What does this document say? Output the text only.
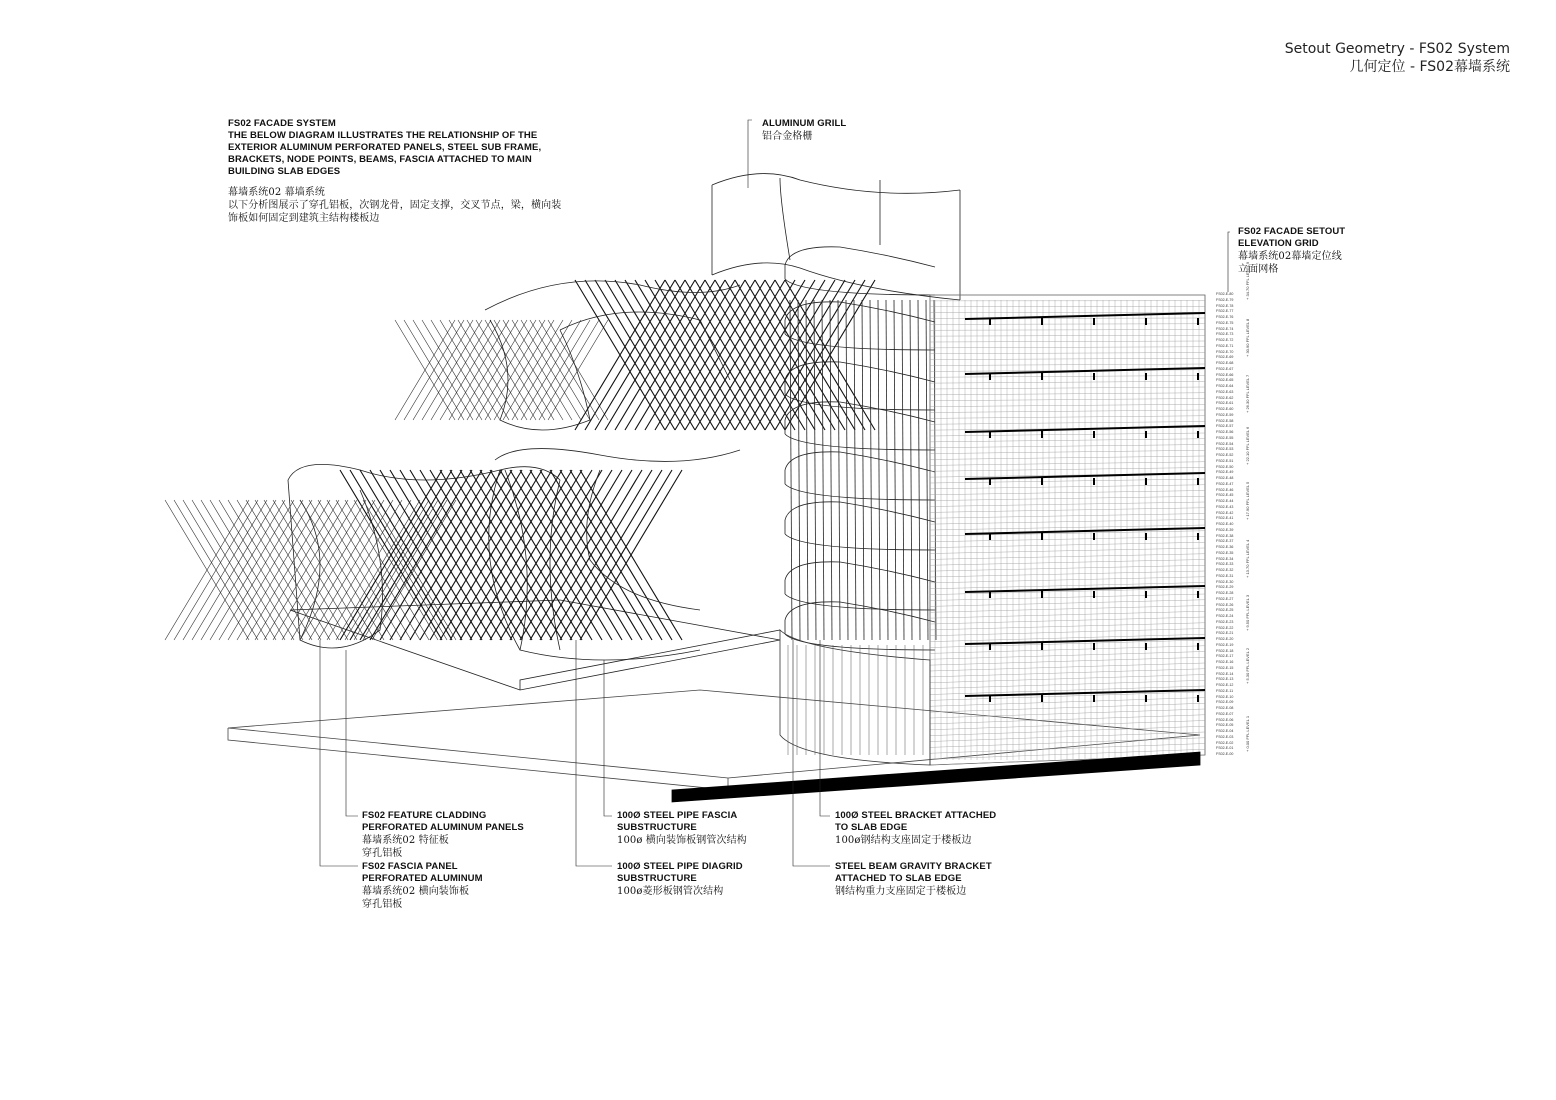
Setout Geometry - FS02 System
几何定位 - FS02幕墙系统
FS02 FACADE SYSTEM
THE BELOW DIAGRAM ILLUSTRATES THE RELATIONSHIP OF THE
EXTERIOR ALUMINUM PERFORATED PANELS, STEEL SUB FRAME,
BRACKETS, NODE POINTS, BEAMS, FASCIA ATTACHED TO MAIN
BUILDING SLAB EDGES
幕墙系统02 幕墙系统
以下分析图展示了穿孔铝板，次钢龙骨，固定支撑，交叉节点，梁，横向装
饰板如何固定到建筑主结构楼板边
ALUMINUM GRILL
铝合金格栅
FS02 FACADE SETOUT
ELEVATION GRID
幕墙系统02幕墙定位线
立面网格
FS02 FEATURE CLADDING
PERFORATED ALUMINUM PANELS
幕墙系统02 特征板
穿孔铝板
FS02 FASCIA PANEL
PERFORATED ALUMINUM
幕墙系统02 横向装饰板
穿孔铝板
100Ø STEEL PIPE FASCIA
SUBSTRUCTURE
100ø 横向装饰板钢管次结构
100Ø STEEL PIPE DIAGRID
SUBSTRUCTURE
100ø菱形板钢管次结构
100Ø STEEL BRACKET ATTACHED
TO SLAB EDGE
100ø钢结构支座固定于楼板边
STEEL BEAM GRAVITY BRACKET
ATTACHED TO SLAB EDGE
钢结构重力支座固定于楼板边
FS02-E-80
FS02-E-79
FS02-E-78
FS02-E-77
FS02-E-76
FS02-E-75
FS02-E-74
FS02-E-73
FS02-E-72
FS02-E-71
FS02-E-70
FS02-E-69
FS02-E-68
FS02-E-67
FS02-E-66
FS02-E-65
FS02-E-64
FS02-E-63
FS02-E-62
FS02-E-61
FS02-E-60
FS02-E-59
FS02-E-58
FS02-E-57
FS02-E-56
FS02-E-55
FS02-E-54
FS02-E-53
FS02-E-52
FS02-E-51
FS02-E-50
FS02-E-49
FS02-E-48
FS02-E-47
FS02-E-46
FS02-E-45
FS02-E-44
FS02-E-43
FS02-E-42
FS02-E-41
FS02-E-40
FS02-E-39
FS02-E-38
FS02-E-37
FS02-E-36
FS02-E-35
FS02-E-34
FS02-E-33
FS02-E-32
FS02-E-31
FS02-E-30
FS02-E-29
FS02-E-28
FS02-E-27
FS02-E-26
FS02-E-25
FS02-E-24
FS02-E-23
FS02-E-22
FS02-E-21
FS02-E-20
FS02-E-19
FS02-E-18
FS02-E-17
FS02-E-16
FS02-E-15
FS02-E-14
FS02-E-13
FS02-E-12
FS02-E-11
FS02-E-10
FS02-E-09
FS02-E-08
FS02-E-07
FS02-E-06
FS02-E-05
FS02-E-04
FS02-E-03
FS02-E-02
FS02-E-01
FS02-E-00
+ 34.70 FFL LEVEL 9
+ 30.90 FFL LEVEL 8
+ 26.30 FFL LEVEL 7
+ 22.10 FFL LEVEL 6
+ 17.90 FFL LEVEL 5
+ 13.70 FFL LEVEL 4
+ 9.50 FFL LEVEL 3
+ 5.30 FFL LEVEL 2
+ 0.00 FFL LEVEL 1
